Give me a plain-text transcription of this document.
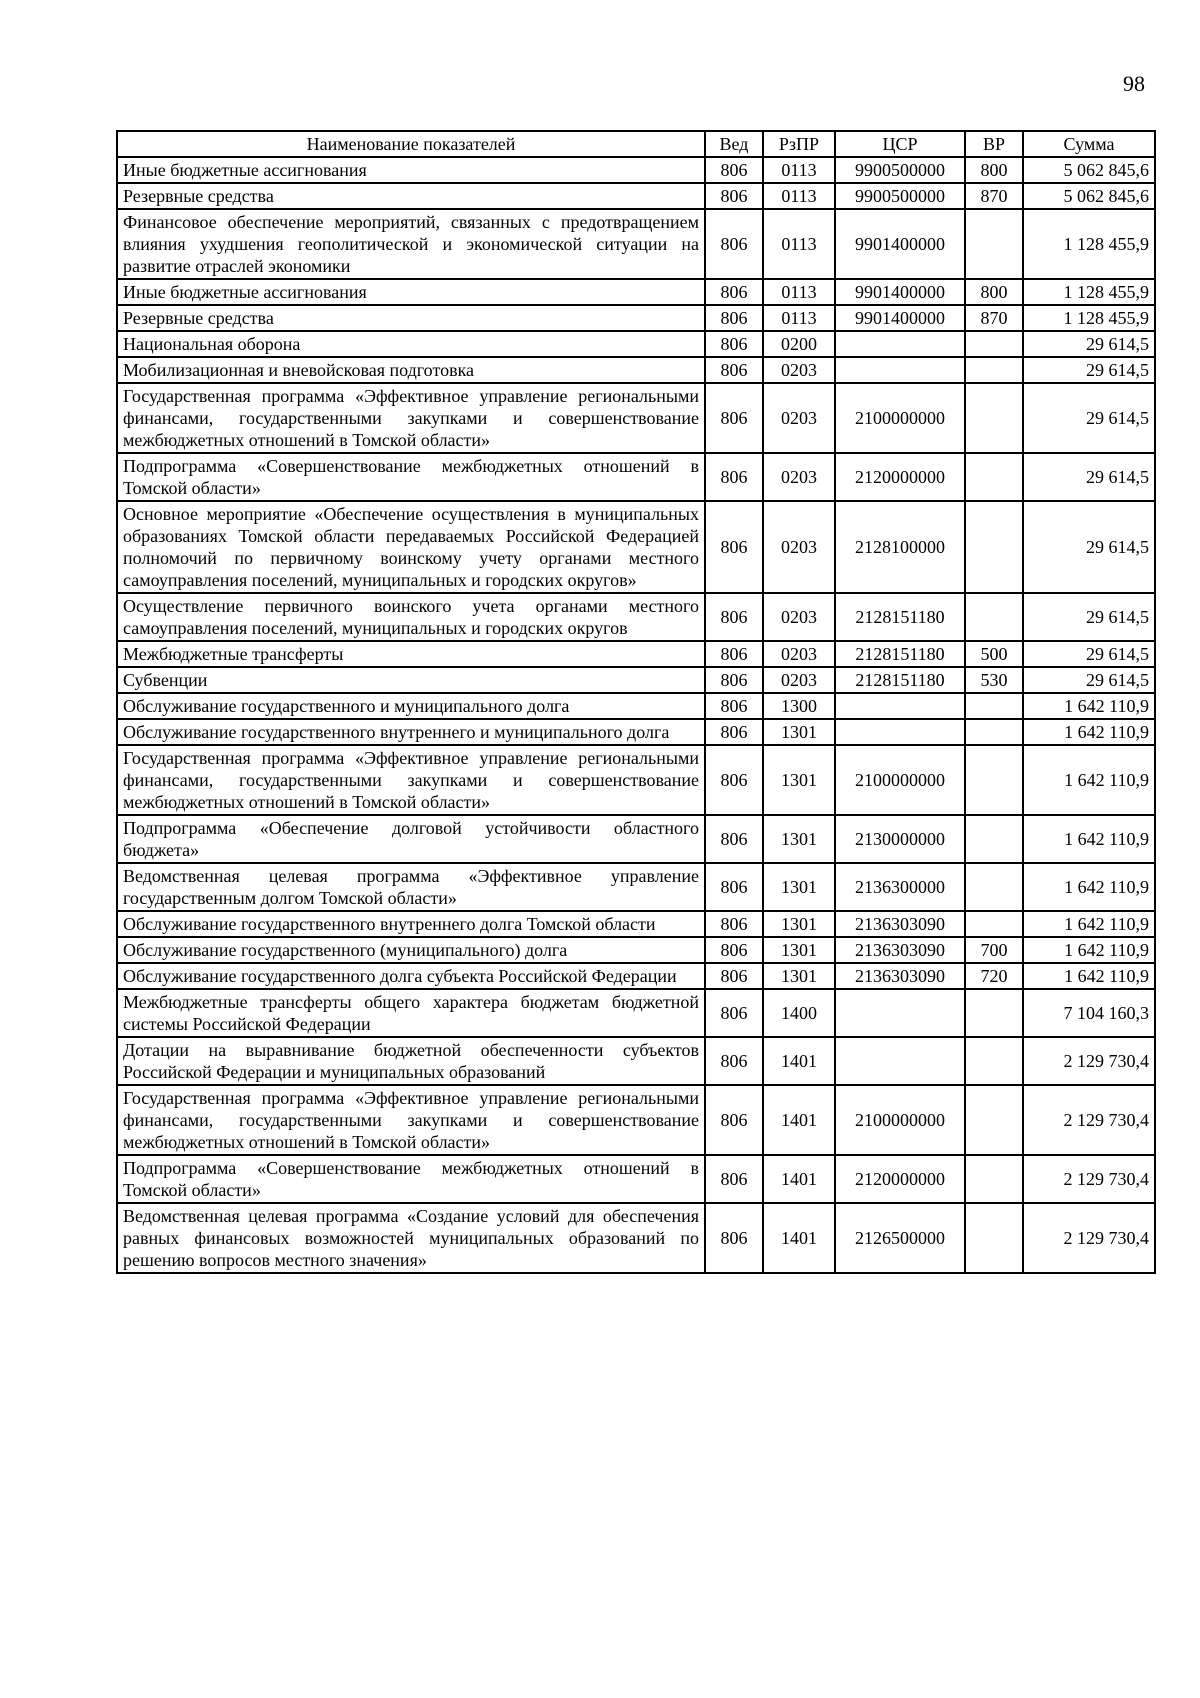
98
Наименование показателей	Вед	РзПР	ЦСР	ВР	Сумма
Иные бюджетные ассигнования	806	0113	9900500000	800	5 062 845,6
Резервные средства	806	0113	9900500000	870	5 062 845,6
Финансовое обеспечение мероприятий, связанных с предотвращением влияния ухудшения геополитической и экономической ситуации на развитие отраслей экономики	806	0113	9901400000		1 128 455,9
Иные бюджетные ассигнования	806	0113	9901400000	800	1 128 455,9
Резервные средства	806	0113	9901400000	870	1 128 455,9
Национальная оборона	806	0200			29 614,5
Мобилизационная и вневойсковая подготовка	806	0203			29 614,5
Государственная программа «Эффективное управление региональными финансами, государственными закупками и совершенствование межбюджетных отношений в Томской области»	806	0203	2100000000		29 614,5
Подпрограмма «Совершенствование межбюджетных отношений в Томской области»	806	0203	2120000000		29 614,5
Основное мероприятие «Обеспечение осуществления в муниципальных образованиях Томской области передаваемых Российской Федерацией полномочий по первичному воинскому учету органами местного самоуправления поселений, муниципальных и городских округов»	806	0203	2128100000		29 614,5
Осуществление первичного воинского учета органами местного самоуправления поселений, муниципальных и городских округов	806	0203	2128151180		29 614,5
Межбюджетные трансферты	806	0203	2128151180	500	29 614,5
Субвенции	806	0203	2128151180	530	29 614,5
Обслуживание государственного и муниципального долга	806	1300			1 642 110,9
Обслуживание государственного внутреннего и муниципального долга	806	1301			1 642 110,9
Государственная программа «Эффективное управление региональными финансами, государственными закупками и совершенствование межбюджетных отношений в Томской области»	806	1301	2100000000		1 642 110,9
Подпрограмма «Обеспечение долговой устойчивости областного бюджета»	806	1301	2130000000		1 642 110,9
Ведомственная целевая программа «Эффективное управление государственным долгом Томской области»	806	1301	2136300000		1 642 110,9
Обслуживание государственного внутреннего долга Томской области	806	1301	2136303090		1 642 110,9
Обслуживание государственного (муниципального) долга	806	1301	2136303090	700	1 642 110,9
Обслуживание государственного долга субъекта Российской Федерации	806	1301	2136303090	720	1 642 110,9
Межбюджетные трансферты общего характера бюджетам бюджетной системы Российской Федерации	806	1400			7 104 160,3
Дотации на выравнивание бюджетной обеспеченности субъектов Российской Федерации и муниципальных образований	806	1401			2 129 730,4
Государственная программа «Эффективное управление региональными финансами, государственными закупками и совершенствование межбюджетных отношений в Томской области»	806	1401	2100000000		2 129 730,4
Подпрограмма «Совершенствование межбюджетных отношений в Томской области»	806	1401	2120000000		2 129 730,4
Ведомственная целевая программа «Создание условий для обеспечения равных финансовых возможностей муниципальных образований по решению вопросов местного значения»	806	1401	2126500000		2 129 730,4
